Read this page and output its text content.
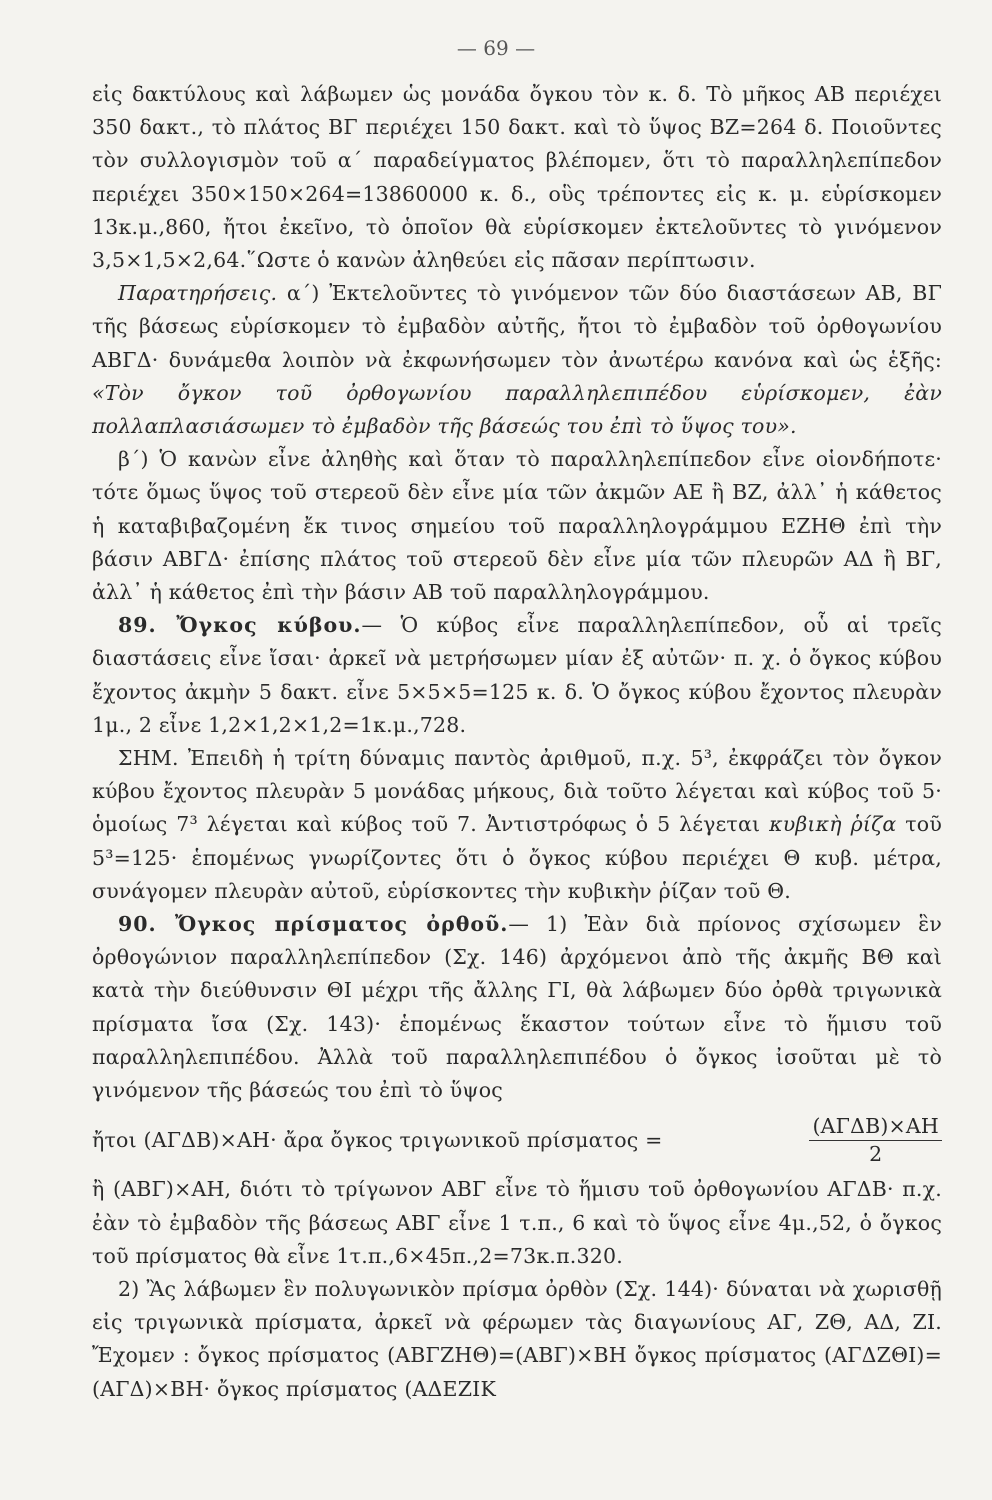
— 69 —

εἰς δακτύλους καὶ λάβωμεν ὡς μονάδα ὄγκου τὸν κ. δ. Τὸ μῆκος ΑΒ περιέχει 350 δακτ., τὸ πλάτος ΒΓ περιέχει 150 δακτ. καὶ τὸ ὕψος ΒΖ=264 δ. Ποιοῦντες τὸν συλλογισμὸν τοῦ α΄ παραδείγματος βλέπομεν, ὅτι τὸ παραλληλεπίπεδον περιέχει 350×150×264=13860000 κ. δ., οὓς τρέποντες εἰς κ. μ. εὑρίσκομεν 13κ.μ.,860, ἤτοι ἐκεῖνο, τὸ ὁποῖον θὰ εὑρίσκομεν ἐκτελοῦντες τὸ γινόμενον 3,5×1,5×2,64.῞Ωστε ὁ κανὼν ἀληθεύει εἰς πᾶσαν περίπτωσιν.

Παρατηρήσεις. α΄) Ἐκτελοῦντες τὸ γινόμενον τῶν δύο διαστάσεων ΑΒ, ΒΓ τῆς βάσεως εὑρίσκομεν τὸ ἐμβαδὸν αὐτῆς, ἤτοι τὸ ἐμβαδὸν τοῦ ὀρθογωνίου ΑΒΓΔ· δυνάμεθα λοιπὸν νὰ ἐκφωνήσωμεν τὸν ἀνωτέρω κανόνα καὶ ὡς ἑξῆς: «Τὸν ὄγκον τοῦ ὀρθογωνίου παραλληλεπιπέδου εὑρίσκομεν, ἐὰν πολλαπλασιάσωμεν τὸ ἐμβαδὸν τῆς βάσεώς του ἐπὶ τὸ ὕψος του».

β΄) Ὁ κανὼν εἶνε ἀληθὴς καὶ ὅταν τὸ παραλληλεπίπεδον εἶνε οἱονδήποτε· τότε ὅμως ὕψος τοῦ στερεοῦ δὲν εἶνε μία τῶν ἀκμῶν ΑΕ ἢ ΒΖ, ἀλλ᾽ ἡ κάθετος ἡ καταβιβαζομένη ἔκ τινος σημείου τοῦ παραλληλογράμμου ΕΖΗΘ ἐπὶ τὴν βάσιν ΑΒΓΔ· ἐπίσης πλάτος τοῦ στερεοῦ δὲν εἶνε μία τῶν πλευρῶν ΑΔ ἢ ΒΓ, ἀλλ᾽ ἡ κάθετος ἐπὶ τὴν βάσιν ΑΒ τοῦ παραλληλογράμμου.

89. Ὄγκος κύβου.— Ὁ κύβος εἶνε παραλληλεπίπεδον, οὗ αἱ τρεῖς διαστάσεις εἶνε ἴσαι· ἀρκεῖ νὰ μετρήσωμεν μίαν ἐξ αὐτῶν· π. χ. ὁ ὄγκος κύβου ἔχοντος ἀκμὴν 5 δακτ. εἶνε 5×5×5=125 κ. δ. Ὁ ὄγκος κύβου ἔχοντος πλευρὰν 1μ., 2 εἶνε 1,2×1,2×1,2=1κ.μ.,728.

ΣΗΜ. Ἐπειδὴ ἡ τρίτη δύναμις παντὸς ἀριθμοῦ, π.χ. 5³, ἐκφράζει τὸν ὄγκον κύβου ἔχοντος πλευρὰν 5 μονάδας μήκους, διὰ τοῦτο λέγεται καὶ κύβος τοῦ 5· ὁμοίως 7³ λέγεται καὶ κύβος τοῦ 7. Ἀντιστρόφως ὁ 5 λέγεται κυβικὴ ῥίζα τοῦ 5³=125· ἑπομένως γνωρίζοντες ὅτι ὁ ὄγκος κύβου περιέχει Θ κυβ. μέτρα, συνάγομεν πλευρὰν αὐτοῦ, εὑρίσκοντες τὴν κυβικὴν ῥίζαν τοῦ Θ.

90. Ὄγκος πρίσματος ὀρθοῦ.— 1) Ἐὰν διὰ πρίονος σχίσωμεν ἓν ὀρθογώνιον παραλληλεπίπεδον (Σχ. 146) ἀρχόμενοι ἀπὸ τῆς ἀκμῆς ΒΘ καὶ κατὰ τὴν διεύθυνσιν ΘΙ μέχρι τῆς ἄλλης ΓΙ, θὰ λάβωμεν δύο ὀρθὰ τριγωνικὰ πρίσματα ἴσα (Σχ. 143)· ἑπομένως ἕκαστον τούτων εἶνε τὸ ἥμισυ τοῦ παραλληλεπιπέδου. Ἀλλὰ τοῦ παραλληλεπιπέδου ὁ ὄγκος ἰσοῦται μὲ τὸ γινόμενον τῆς βάσεώς του ἐπὶ τὸ ὕψος

ἤτοι (ΑΓΔΒ)×ΑΗ· ἄρα ὄγκος τριγωνικοῦ πρίσματος =	$\frac{\text{(ΑΓΔΒ)×ΑΗ}}{2}$

ἢ (ΑΒΓ)×ΑΗ, διότι τὸ τρίγωνον ΑΒΓ εἶνε τὸ ἥμισυ τοῦ ὀρθογωνίου ΑΓΔΒ· π.χ. ἐὰν τὸ ἐμβαδὸν τῆς βάσεως ΑΒΓ εἶνε 1 τ.π., 6 καὶ τὸ ὕψος εἶνε 4μ.,52, ὁ ὄγκος τοῦ πρίσματος θὰ εἶνε 1τ.π.,6×45π.,2=73κ.π.320.

2) Ἂς λάβωμεν ἓν πολυγωνικὸν πρίσμα ὀρθὸν (Σχ. 144)· δύναται νὰ χωρισθῇ εἰς τριγωνικὰ πρίσματα, ἀρκεῖ νὰ φέρωμεν τὰς διαγωνίους ΑΓ, ΖΘ, ΑΔ, ΖΙ. Ἔχομεν : ὄγκος πρίσματος (ΑΒΓΖΗΘ)=(ΑΒΓ)×ΒΗ ὄγκος πρίσματος (ΑΓΔΖΘΙ)=(ΑΓΔ)×ΒΗ· ὄγκος πρίσματος (ΑΔΕΖΙΚ
